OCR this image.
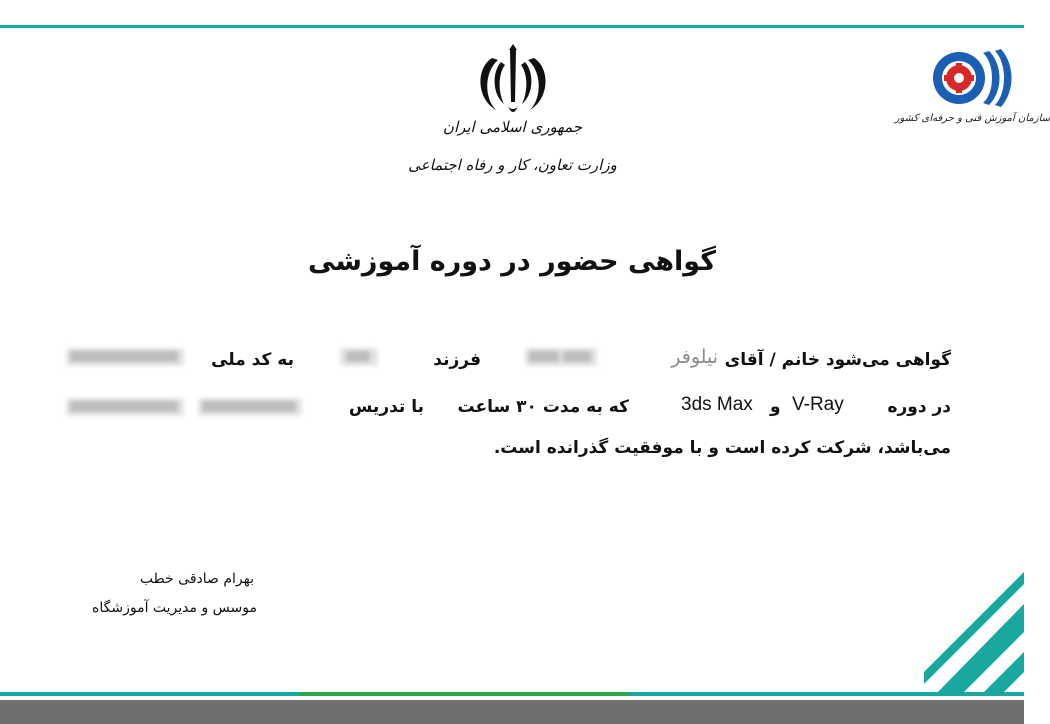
جمهوری اسلامی ایران
وزارت تعاون، کار و رفاه اجتماعی
سازمان آموزش فنی و حرفه‌ای کشور
گواهی حضور در دوره آموزشی
گواهی می‌شود خانم / آقای
نیلوفر
فرزند
به کد ملی
در دوره
V-Ray
و
3ds Max
که به مدت ۳۰ ساعت
با تدریس
می‌باشد، شرکت کرده است و با موفقیت گذرانده است.
بهرام صادقی خطب
موسس و مدیریت آموزشگاه
